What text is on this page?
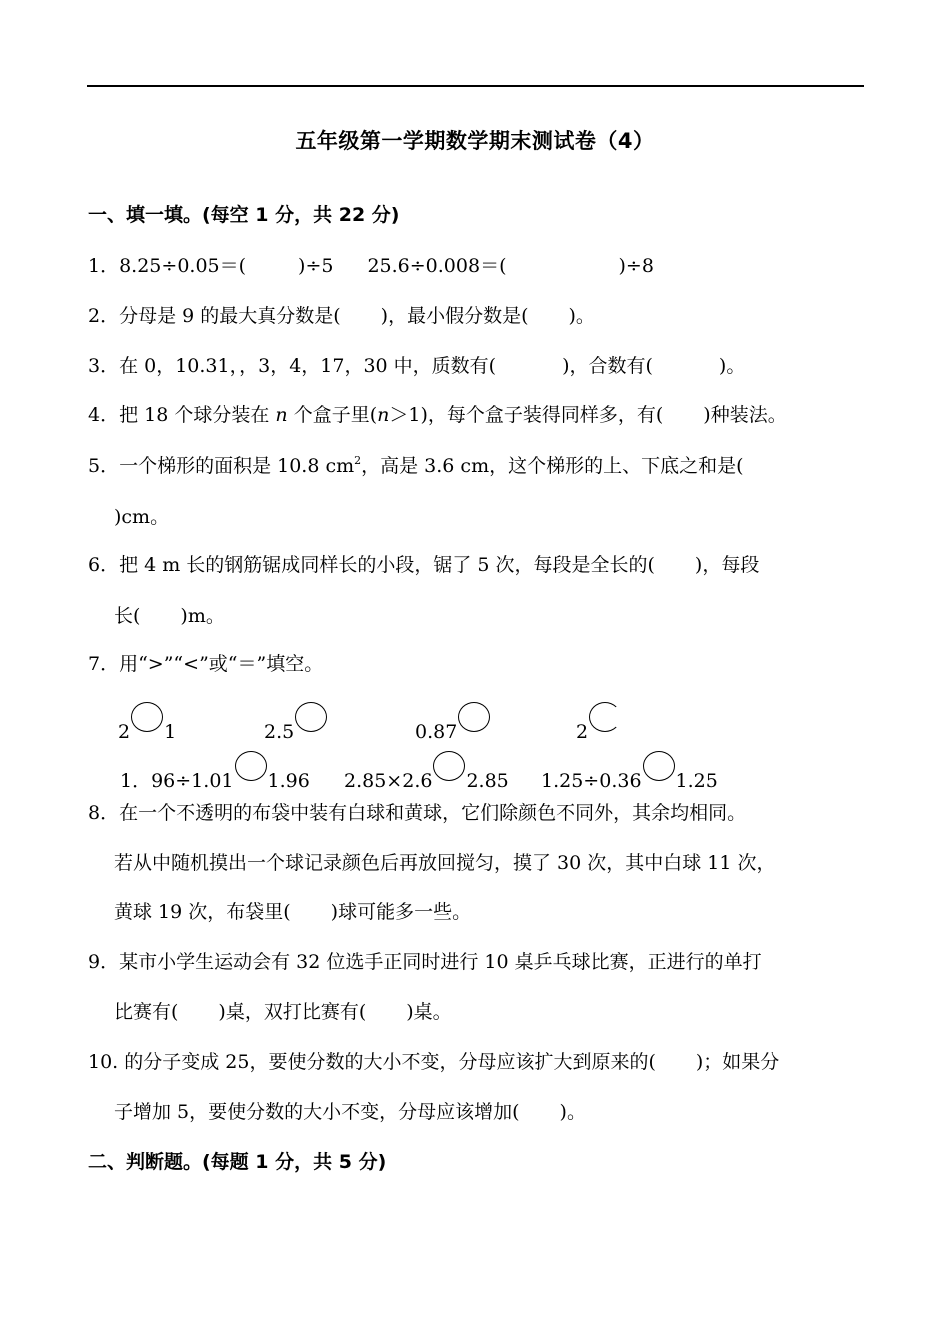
五年级第一学期数学期末测试卷（4）
一、填一填。(每空 1 分，共 22 分)
1．8.25÷0.05＝(	)÷5 25.6÷0.008＝(	)÷8
2．分母是 9 的最大真分数是( )，最小假分数是( )。
3．在 0，10.31，，3，4，17，30 中，质数有(	)，合数有(	)。
4．把 18 个球分装在 n 个盒子里(n＞1)，每个盒子装得同样多，有( )种装法。
5．一个梯形的面积是 10.8 $cm^2$，高是 3.6 cm，这个梯形的上、下底之和是(
)cm。
6．把 4 m 长的钢筋锯成同样长的小段，锯了 5 次，每段是全长的( )，每段
长( )m。
7．用“>”“<”或“＝”填空。
2 1	2.5	0.87	2
1．96÷1.01 1.96 2.85×2.6 2.85 1.25÷0.36 1.25
8．在一个不透明的布袋中装有白球和黄球，它们除颜色不同外，其余均相同。
若从中随机摸出一个球记录颜色后再放回搅匀，摸了 30 次，其中白球 11 次，
黄球 19 次，布袋里( )球可能多一些。
9．某市小学生运动会有 32 位选手正同时进行 10 桌乒乓球比赛，正进行的单打
比赛有( )桌，双打比赛有( )桌。
10. 的分子变成 25，要使分数的大小不变，分母应该扩大到原来的( )；如果分
子增加 5，要使分数的大小不变，分母应该增加( )。
二、判断题。(每题 1 分，共 5 分)
